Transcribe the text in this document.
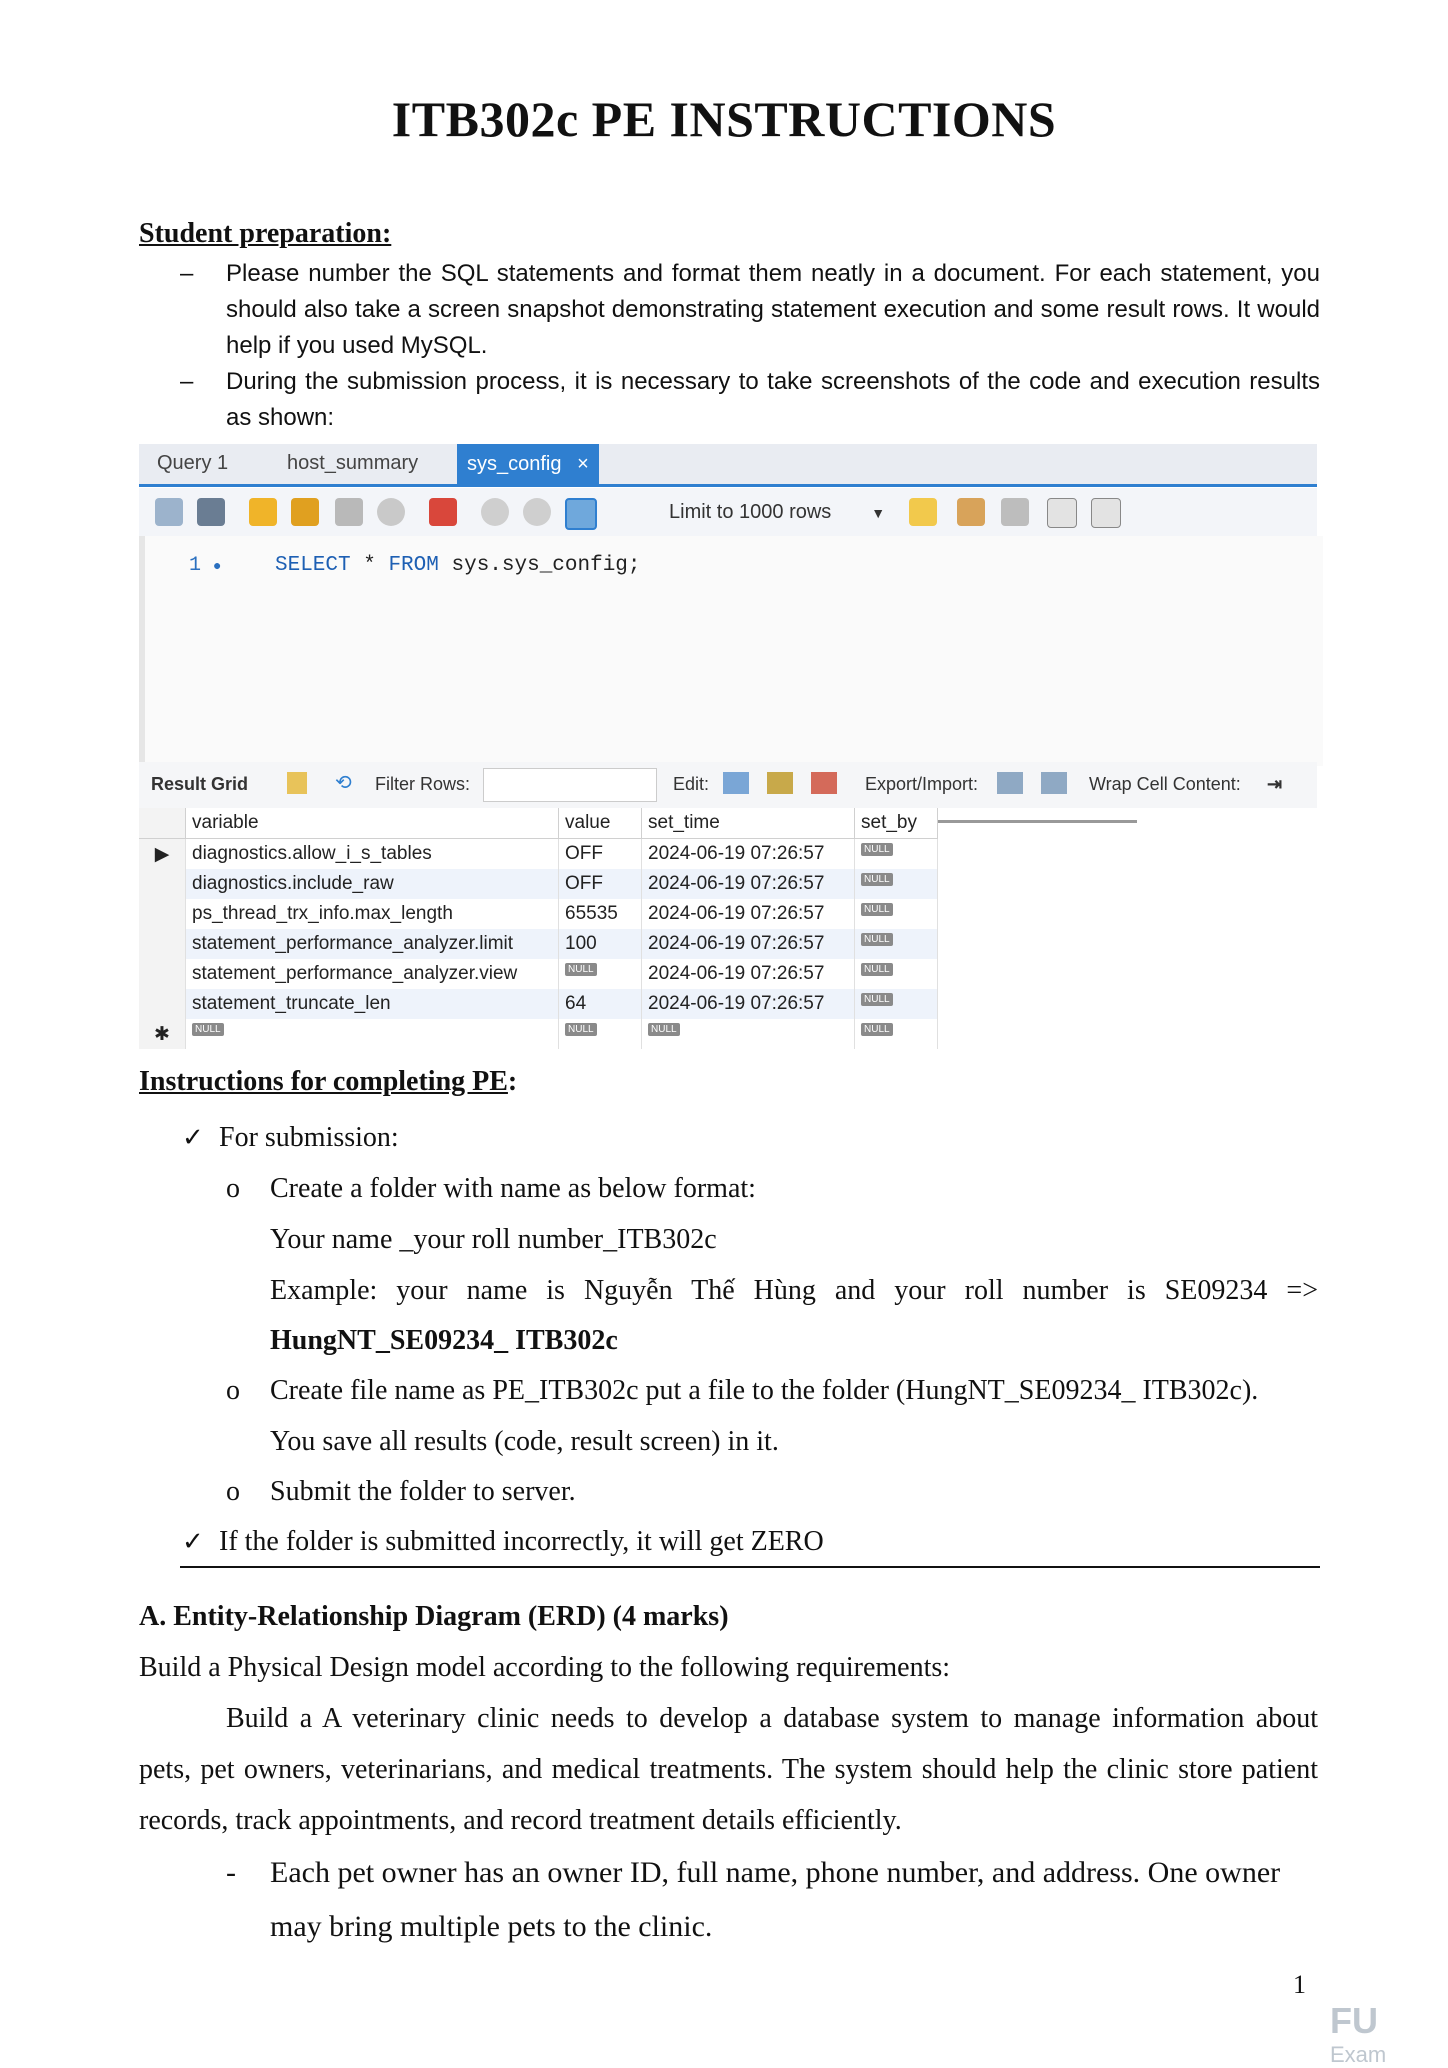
ITB302c PE INSTRUCTIONS
Student preparation:
–	Please number the SQL statements and format them neatly in a document. For each statement, you should also take a screen snapshot demonstrating statement execution and some result rows. It would help if you used MySQL.
–	During the submission process, it is necessary to take screenshots of the code and execution results as shown:
Query 1	host_summary	sys_config ×
Limit to 1000 rows	▼
1 ●	SELECT * FROM sys.sys_config;
Result Grid	⟲ Filter Rows:	Edit:	Export/Import:	Wrap Cell Content: ⇥
	variable	value	set_time	set_by
▶	diagnostics.allow_i_s_tables	OFF	2024-06-19 07:26:57	NULL
	diagnostics.include_raw	OFF	2024-06-19 07:26:57	NULL
	ps_thread_trx_info.max_length	65535	2024-06-19 07:26:57	NULL
	statement_performance_analyzer.limit	100	2024-06-19 07:26:57	NULL
	statement_performance_analyzer.view	NULL	2024-06-19 07:26:57	NULL
	statement_truncate_len	64	2024-06-19 07:26:57	NULL
✱	NULL	NULL	NULL	NULL
Instructions for completing PE:
✓ For submission:
o Create a folder with name as below format:
Your name _your roll number_ITB302c
Example: your name is Nguyễn Thế Hùng and your roll number is SE09234 =>
HungNT_SE09234_ ITB302c
o Create file name as PE_ITB302c put a file to the folder (HungNT_SE09234_ ITB302c).
You save all results (code, result screen) in it.
o Submit the folder to server.
✓ If the folder is submitted incorrectly, it will get ZERO
A. Entity-Relationship Diagram (ERD) (4 marks)
Build a Physical Design model according to the following requirements:
Build a A veterinary clinic needs to develop a database system to manage information about
pets, pet owners, veterinarians, and medical treatments. The system should help the clinic store patient
records, track appointments, and record treatment details efficiently.
- Each pet owner has an owner ID, full name, phone number, and address. One owner
may bring multiple pets to the clinic.
1
FU Exam
